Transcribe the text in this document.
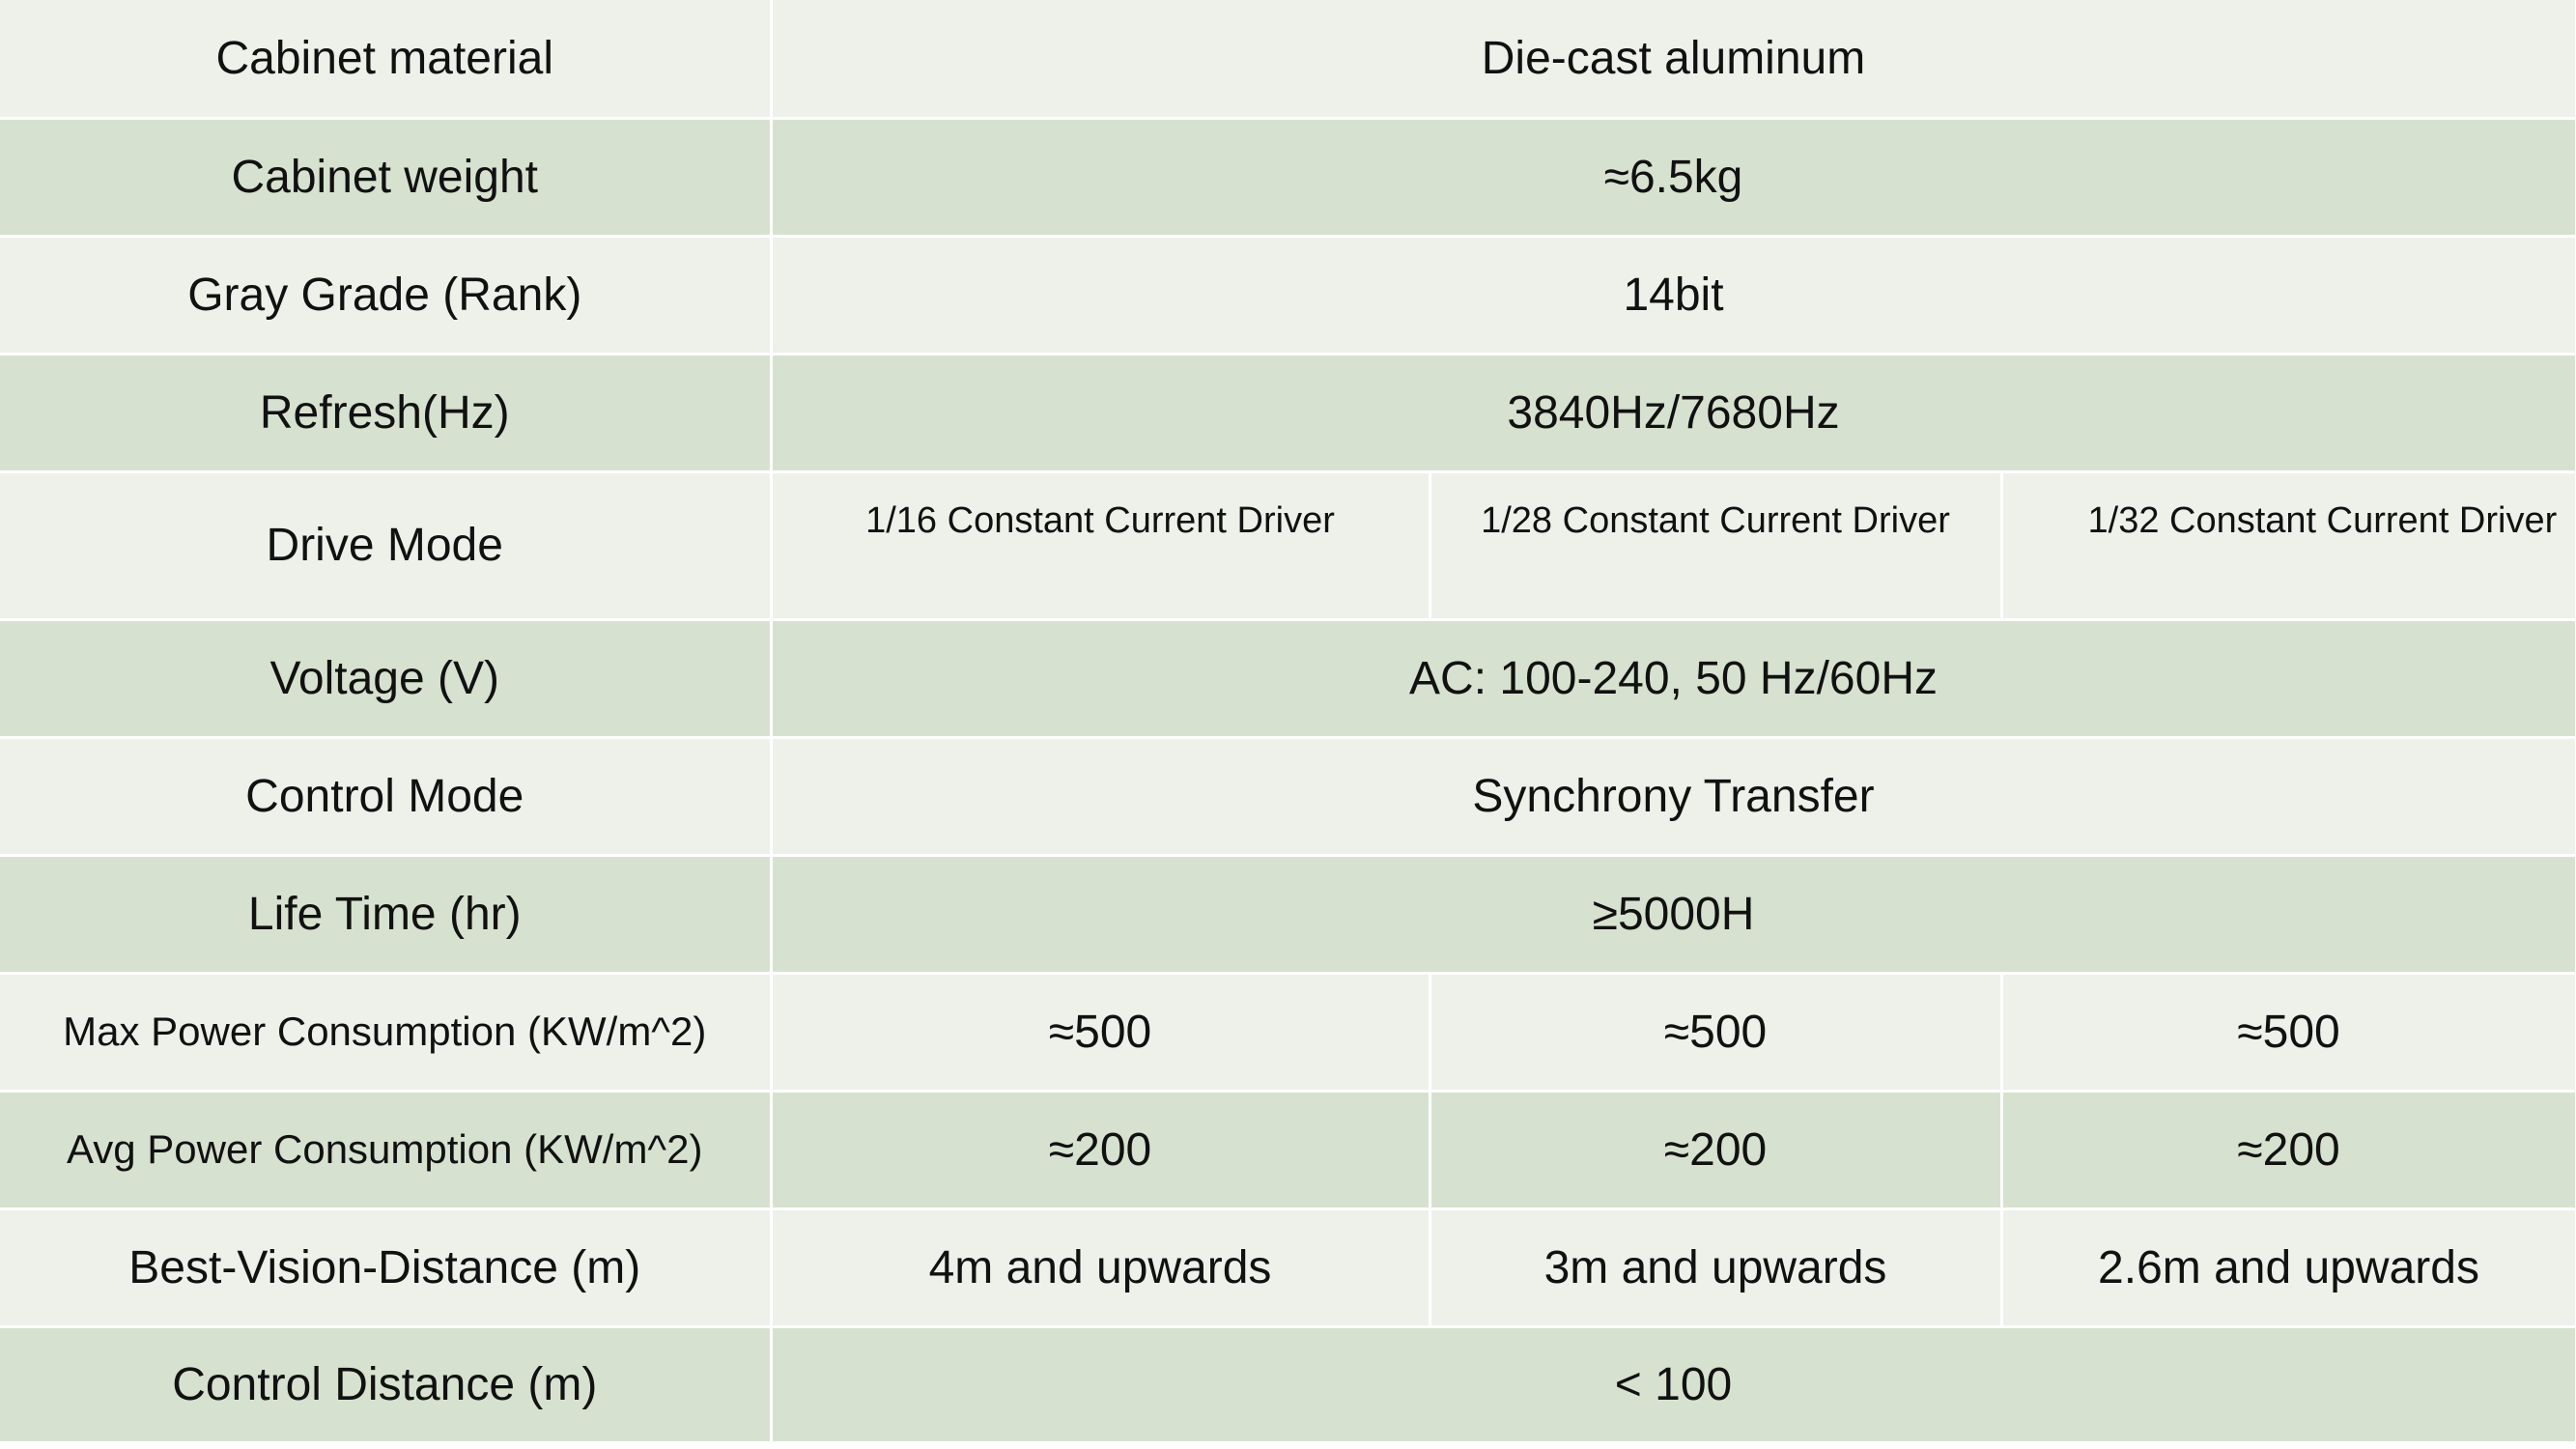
Cabinet material	Die-cast aluminum		
Cabinet weight	≈6.5kg		
Gray Grade (Rank)	14bit		
Refresh(Hz)	3840Hz/7680Hz		
Drive Mode	1/16 Constant Current Driver	1/28 Constant Current Driver	1/32 Constant Current Driver
Voltage (V)	AC: 100-240, 50 Hz/60Hz		
Control Mode	Synchrony Transfer		
Life Time (hr)	≥5000H		
Max Power Consumption (KW/m^2)	≈500	≈500	≈500
Avg Power Consumption (KW/m^2)	≈200	≈200	≈200
Best-Vision-Distance (m)	4m and upwards	3m and upwards	2.6m and upwards
Control Distance (m)	< 100		
